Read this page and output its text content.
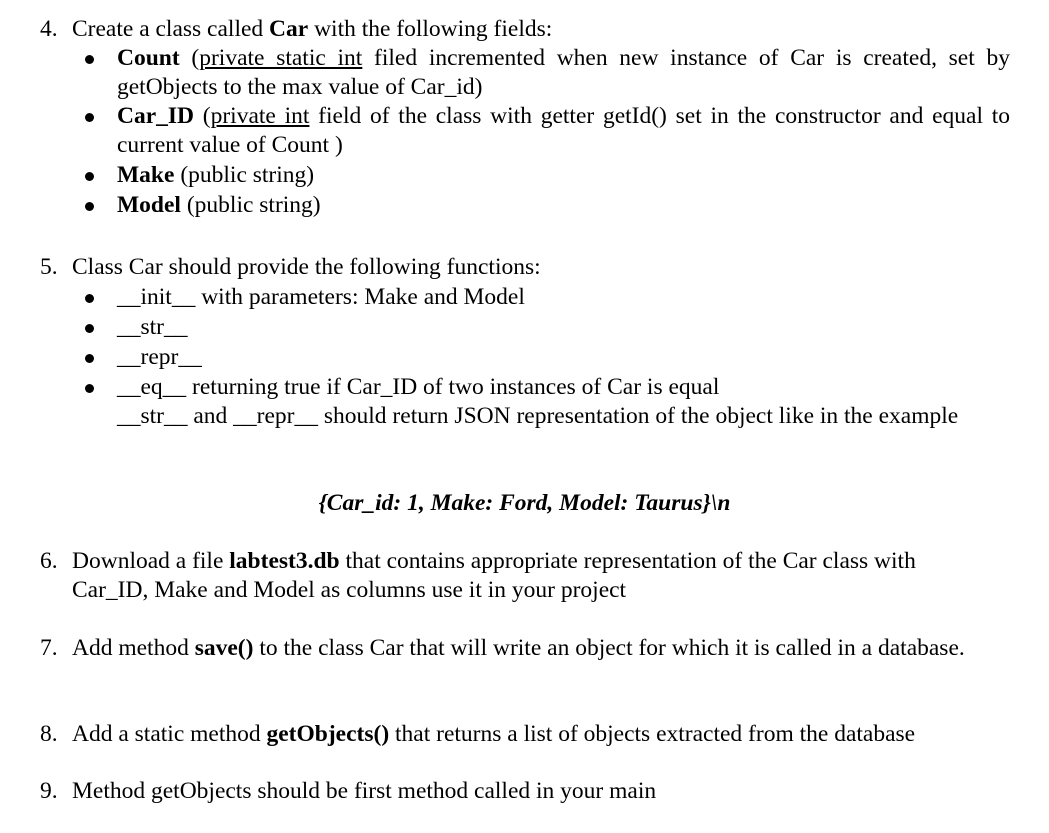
4. Create a class called Car with the following fields:
Count (private static int filed incremented when new instance of Car is created, set by getObjects to the max value of Car_id)
Car_ID (private int field of the class with getter getId() set in the constructor and equal to current value of Count )
Make (public string)
Model (public string)
5. Class Car should provide the following functions:
__init__ with parameters: Make and Model
__str__
__repr__
__eq__ returning true if Car_ID of two instances of Car is equal
__str__ and __repr__ should return JSON representation of the object like in the example
{Car_id: 1, Make: Ford, Model: Taurus}\n
6. Download a file labtest3.db that contains appropriate representation of the Car class with Car_ID, Make and Model as columns use it in your project
7. Add method save() to the class Car that will write an object for which it is called in a database.
8. Add a static method getObjects() that returns a list of objects extracted from the database
9. Method getObjects should be first method called in your main
